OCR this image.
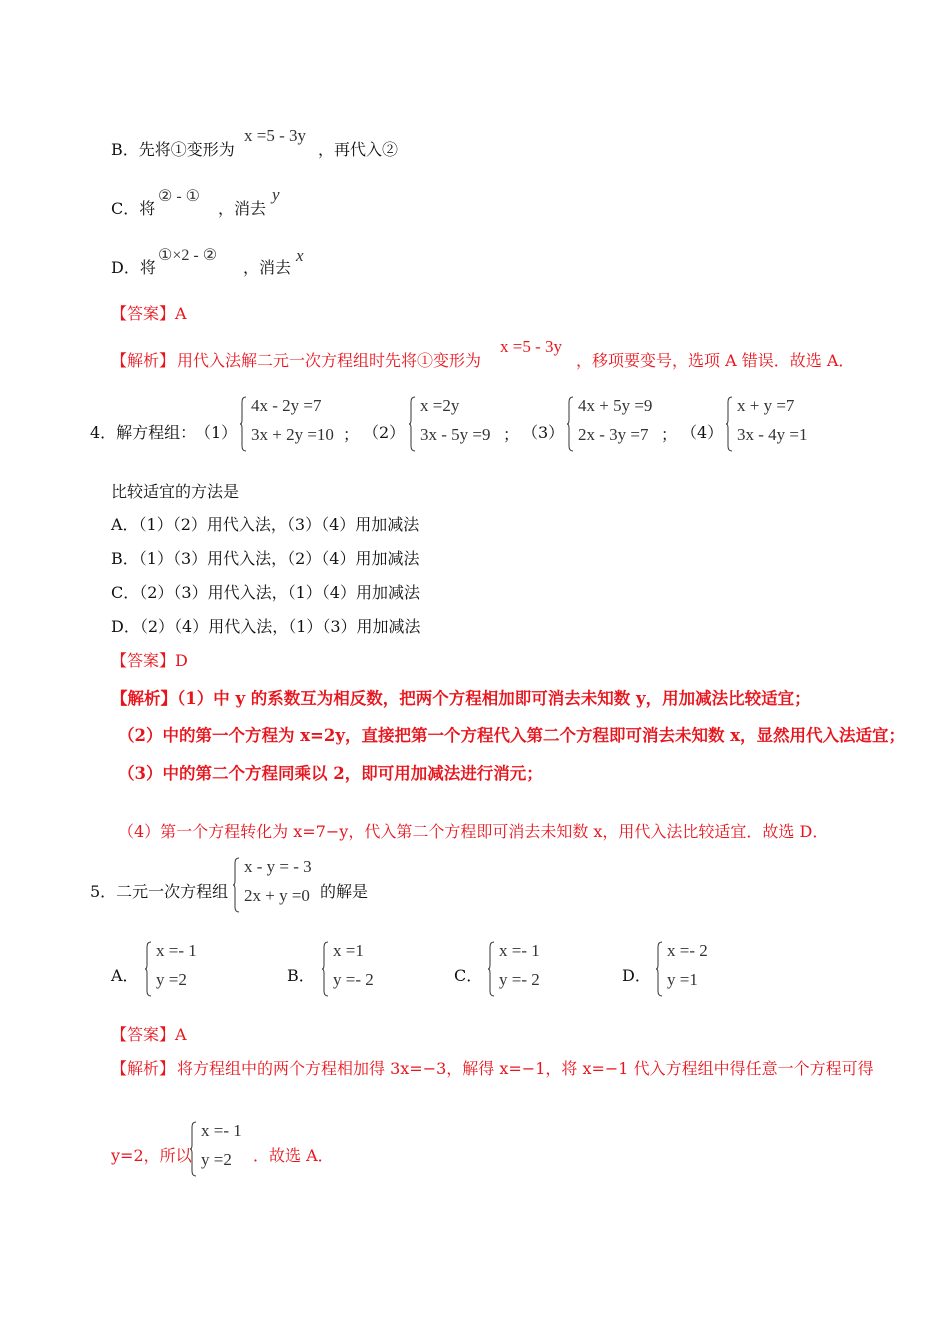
B．先将①变形为
x =5 - 3y
，再代入②
C．将
② - ①
，消去
y
D．将
①×2 - ②
，消去
x
【答案】A
【解析】 用代入法解二元一次方程组时先将①变形为
x =5 - 3y
，移项要变号，选项 A 错误．故选 A．
4．解方程组：
（1）
4x - 2y =7
3x + 2y =10 ； （2）
x =2y
3x - 5y =9 ； （3）
4x + 5y =9
2x - 3y =7 ； （4）
x + y =7
3x - 4y =1
比较适宜的方法是
A．（1）（2）用代入法，（3）（4）用加减法
B．（1）（3）用代入法，（2）（4）用加减法
C．（2）（3）用代入法，（1）（4）用加减法
D．（2）（4）用代入法，（1）（3）用加减法
【答案】D
【解析】（1）中 y 的系数互为相反数，把两个方程相加即可消去未知数 y，用加减法比较适宜；
（2）中的第一个方程为 x=2y，直接把第一个方程代入第二个方程即可消去未知数 x，显然用代入法适宜；
（3）中的第二个方程同乘以 2，即可用加减法进行消元；
（4）第一个方程转化为 x=7−y，代入第二个方程即可消去未知数 x，用代入法比较适宜．故选 D．
5．二元一次方程组
x - y = - 3
2x + y =0 的解是
A．
x =- 1
y =2	B．
x =1
y =- 2	C．
x =- 1
y =- 2	D．
x =- 2
y =1
【答案】A
【解析】 将方程组中的两个方程相加得 3x=−3，解得 x=−1，将 x=−1 代入方程组中得任意一个方程可得
y=2，所以
x =- 1
y =2 ．故选 A．
